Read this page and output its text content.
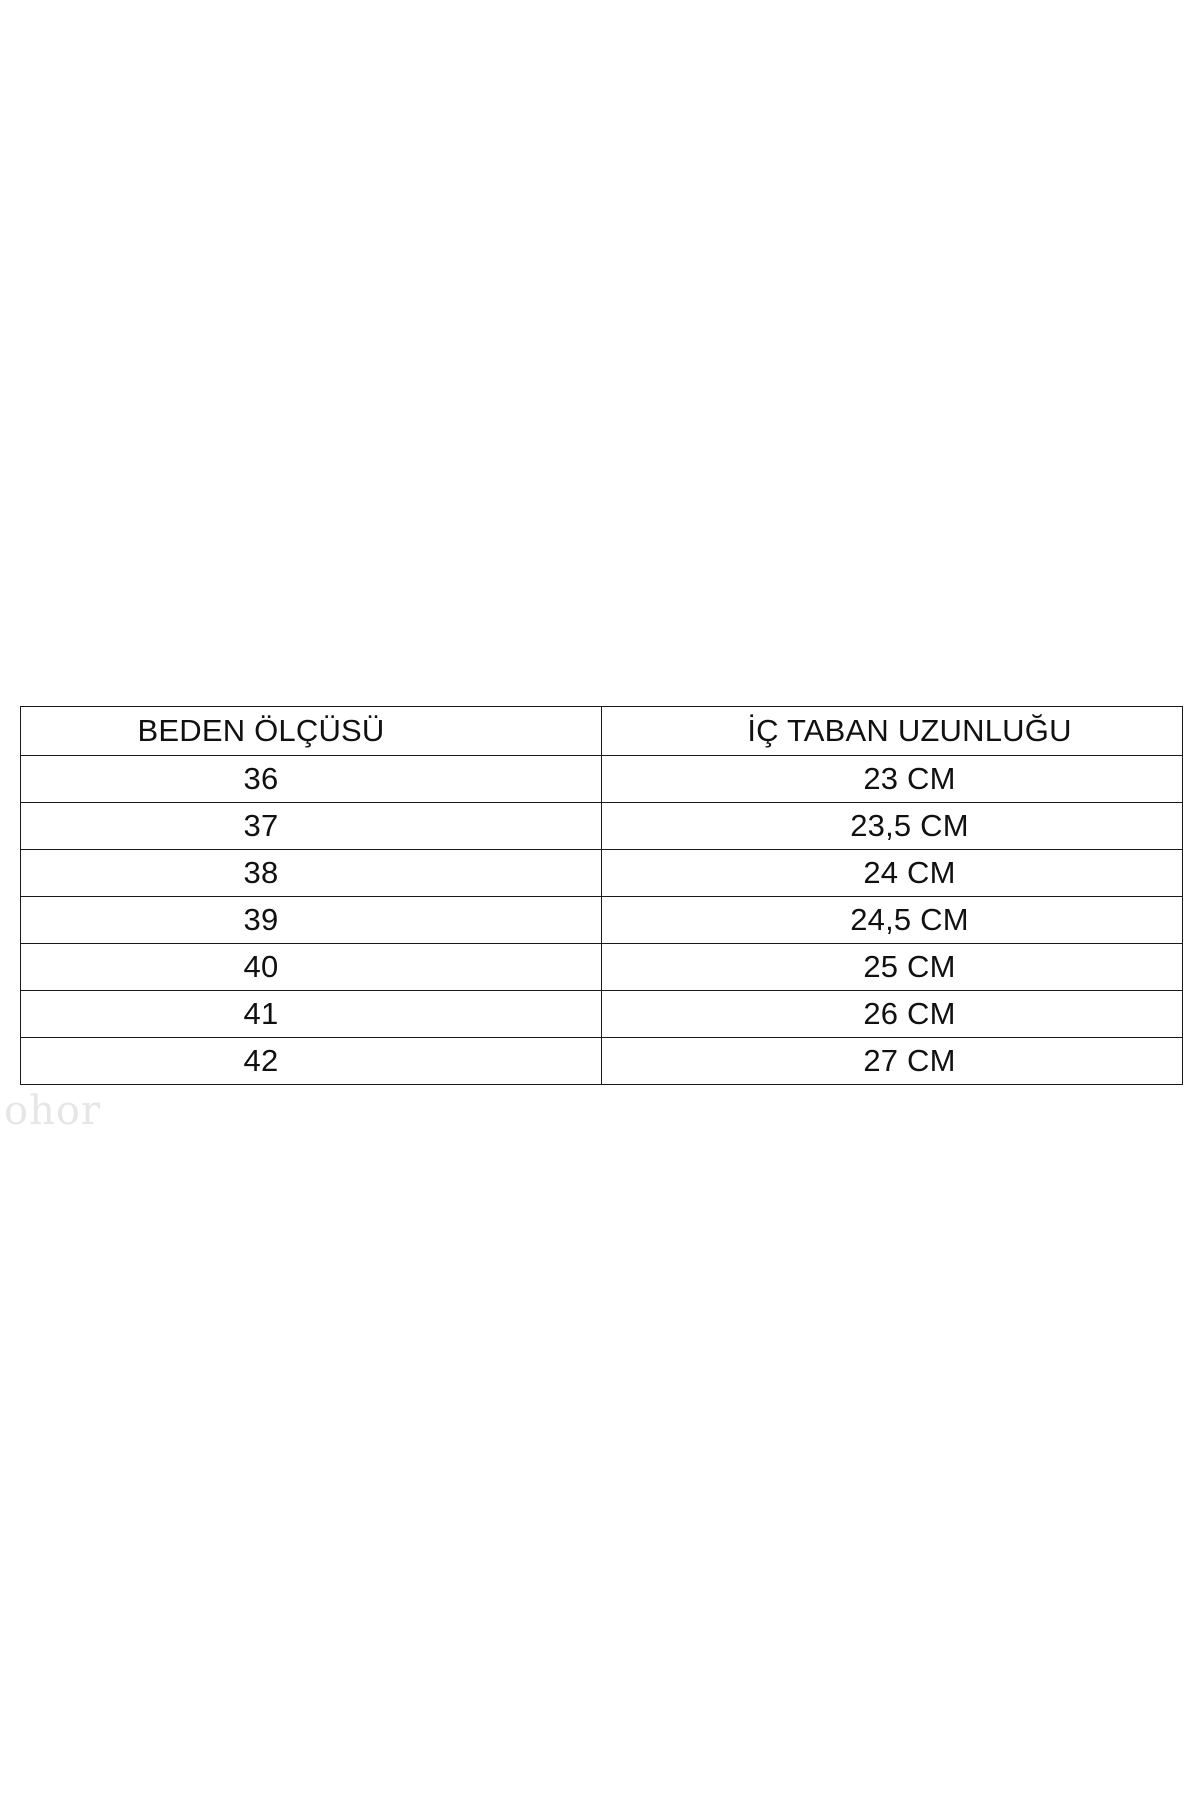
BEDEN ÖLÇÜSÜ	İÇ TABAN UZUNLUĞU

36	23 CM

37	23,5 CM

38	24 CM

39	24,5 CM

40	25 CM

41	26 CM

42	27 CM
ohor
